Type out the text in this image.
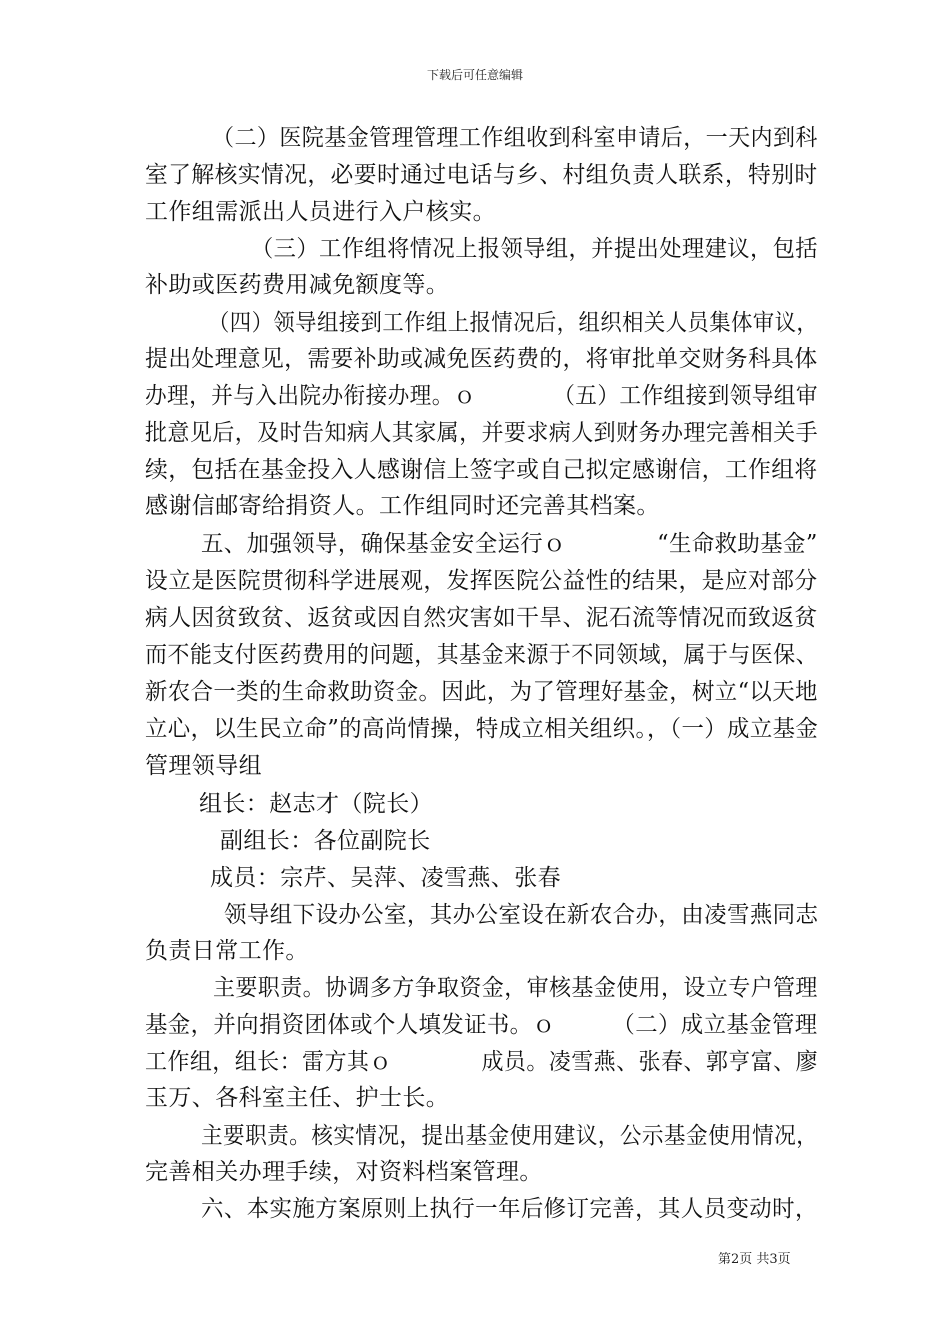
下载后可任意编辑
（二）医院基金管理管理工作组收到科室申请后，一天内到科
室了解核实情况，必要时通过电话与乡、村组负责人联系，特别时
工作组需派出人员进行入户核实。
（三）工作组将情况上报领导组，并提出处理建议，包括
补助或医药费用减免额度等。
（四）领导组接到工作组上报情况后，组织相关人员集体审议，
提出处理意见，需要补助或减免医药费的，将审批单交财务科具体
办理，并与入出院办衔接办理。ｏ　　　　（五）工作组接到领导组审
批意见后，及时告知病人其家属，并要求病人到财务办理完善相关手
续，包括在基金投入人感谢信上签字或自己拟定感谢信，工作组将
感谢信邮寄给捐资人。工作组同时还完善其档案。
五、加强领导，确保基金安全运行ｏ　　　　“生命救助基金”
设立是医院贯彻科学进展观，发挥医院公益性的结果，是应对部分
病人因贫致贫、返贫或因自然灾害如干旱、泥石流等情况而致返贫
而不能支付医药费用的问题，其基金来源于不同领域，属于与医保、
新农合一类的生命救助资金。因此，为了管理好基金，树立“以天地
立心，以生民立命”的高尚情操，特成立相关组织。，（一）成立基金
管理领导组
组长：赵志才（院长）
副组长：各位副院长
成员：宗芹、吴萍、凌雪燕、张春
领导组下设办公室，其办公室设在新农合办，由凌雪燕同志
负责日常工作。
主要职责。协调多方争取资金，审核基金使用，设立专户管理
基金，并向捐资团体或个人填发证书。ｏ　　　（二）成立基金管理
工作组，组长：雷方其ｏ　　　　成员。凌雪燕、张春、郭亨富、廖
玉万、各科室主任、护士长。
主要职责。核实情况，提出基金使用建议，公示基金使用情况，
完善相关办理手续，对资料档案管理。
六、本实施方案原则上执行一年后修订完善，其人员变动时，
第2页 共3页
